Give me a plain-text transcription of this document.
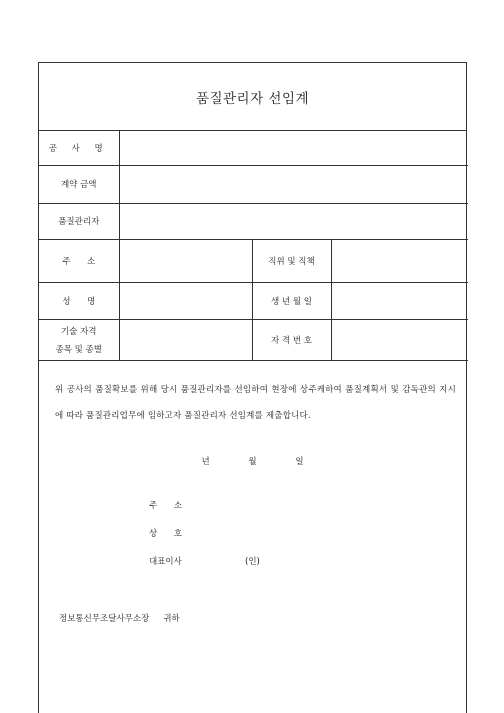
품질관리자 선임계
공 사 명			
계약 금액			
품질관리자			
주 소		직위 및 직책	
성 명		생 년 월 일	

기술 자격
종목 및 종별		자 격 번 호	
위 공사의 품질확보를 위해 당시 품질관리자를 선임하여 현장에 상주케하여 품질계획서 및 감독관의 지시에 따라 품질관리업무에 임하고자 품질관리자 선임계를 제출합니다.
년	월	일
주 소
상 호
대표이사	(인)
정보통신무조달사무소장 귀하
